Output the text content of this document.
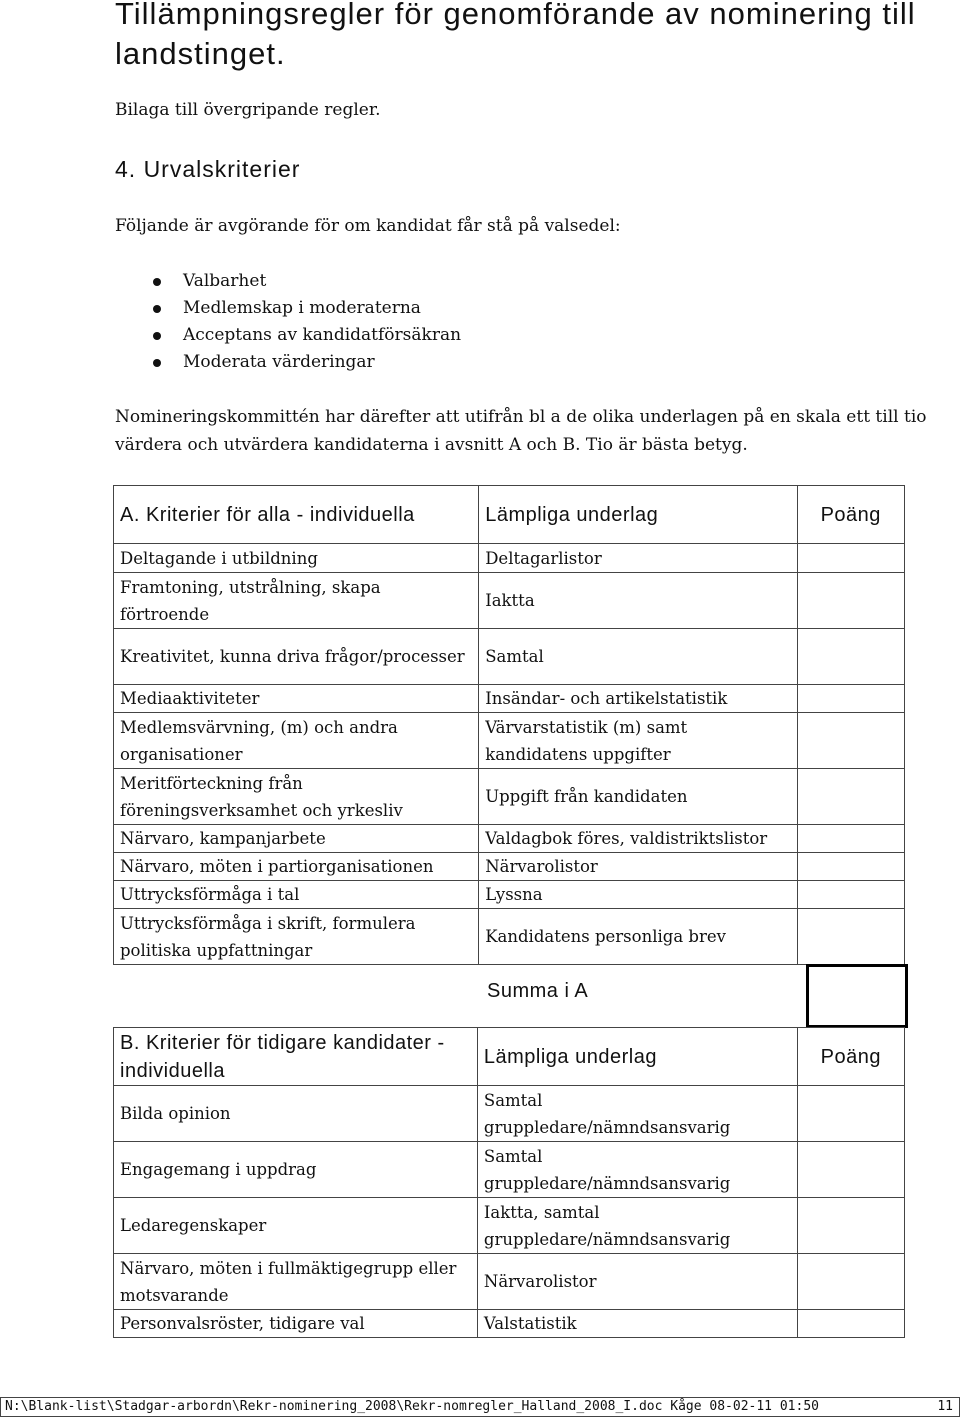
Tillämpningsregler för genomförande av nominering till landstinget.
Bilaga till övergripande regler.
4. Urvalskriterier
Följande är avgörande för om kandidat får stå på valsedel:
Valbarhet
Medlemskap i moderaterna
Acceptans av kandidatförsäkran
Moderata värderingar
Nomineringskommittén har därefter att utifrån bl a de olika underlagen på en skala ett till tio värdera och utvärdera kandidaterna i avsnitt A och B. Tio är bästa betyg.
A. Kriterier för alla - individuella	Lämpliga underlag	Poäng
Deltagande i utbildning	Deltagarlistor	
Framtoning, utstrålning, skapa förtroende	Iaktta	
Kreativitet, kunna driva frågor/processer	Samtal	
Mediaaktiviteter	Insändar- och artikelstatistik	
Medlemsvärvning, (m) och andra organisationer	Värvarstatistik (m) samt kandidatens uppgifter	
Meritförteckning från föreningsverksamhet och yrkesliv	Uppgift från kandidaten	
Närvaro, kampanjarbete	Valdagbok föres, valdistriktslistor	
Närvaro, möten i partiorganisationen	Närvarolistor	
Uttrycksförmåga i tal	Lyssna	
Uttrycksförmåga i skrift, formulera politiska uppfattningar	Kandidatens personliga brev	
Summa i A
B. Kriterier för tidigare kandidater - individuella	Lämpliga underlag	Poäng
Bilda opinion	Samtal gruppledare/nämndsansvarig	
Engagemang i uppdrag	Samtal gruppledare/nämndsansvarig	
Ledaregenskaper	Iaktta, samtal gruppledare/nämndsansvarig	
Närvaro, möten i fullmäktigegrupp eller motsvarande	Närvarolistor	
Personvalsröster, tidigare val	Valstatistik	
N:\Blank-list\Stadgar-arbordn\Rekr-nominering_2008\Rekr-nomregler_Halland_2008_I.doc Kåge 08-02-11 01:50	11
